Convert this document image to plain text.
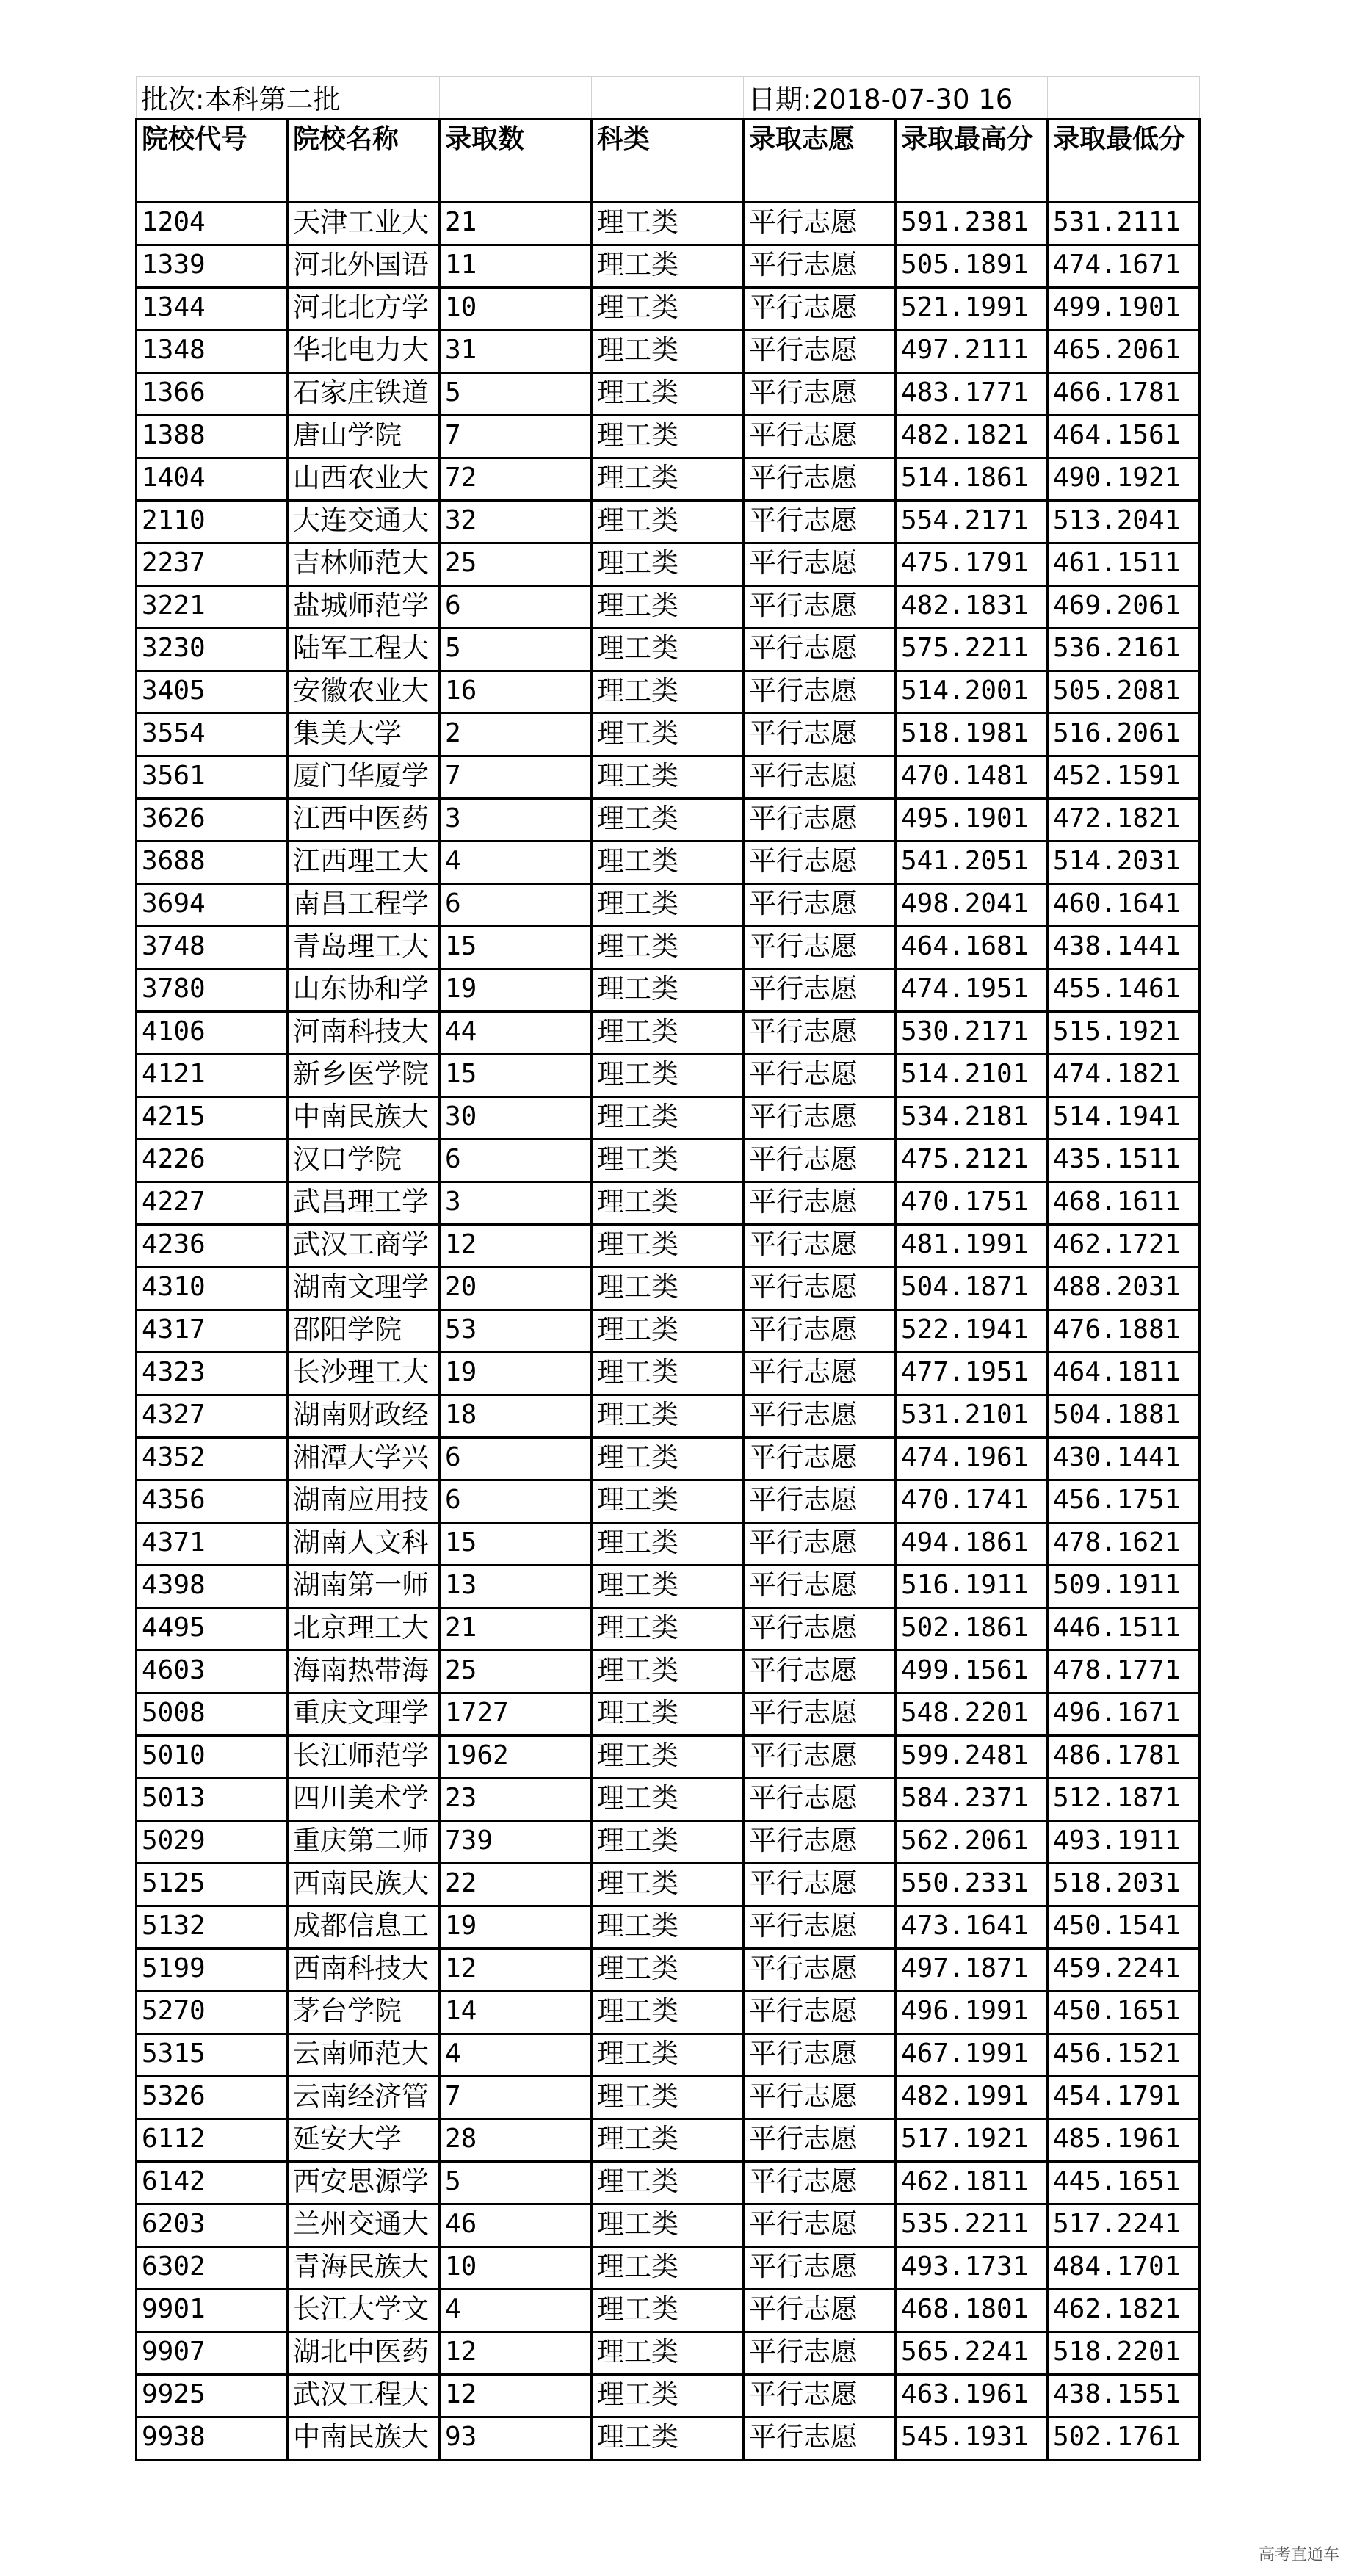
批次:本科第二批				日期:2018-07-30 16		
院校代号	院校名称	录取数	科类	录取志愿	录取最高分	录取最低分
1204	天津工业大	21	理工类	平行志愿	591.2381	531.2111
1339	河北外国语	11	理工类	平行志愿	505.1891	474.1671
1344	河北北方学	10	理工类	平行志愿	521.1991	499.1901
1348	华北电力大	31	理工类	平行志愿	497.2111	465.2061
1366	石家庄铁道	5	理工类	平行志愿	483.1771	466.1781
1388	唐山学院	7	理工类	平行志愿	482.1821	464.1561
1404	山西农业大	72	理工类	平行志愿	514.1861	490.1921
2110	大连交通大	32	理工类	平行志愿	554.2171	513.2041
2237	吉林师范大	25	理工类	平行志愿	475.1791	461.1511
3221	盐城师范学	6	理工类	平行志愿	482.1831	469.2061
3230	陆军工程大	5	理工类	平行志愿	575.2211	536.2161
3405	安徽农业大	16	理工类	平行志愿	514.2001	505.2081
3554	集美大学	2	理工类	平行志愿	518.1981	516.2061
3561	厦门华厦学	7	理工类	平行志愿	470.1481	452.1591
3626	江西中医药	3	理工类	平行志愿	495.1901	472.1821
3688	江西理工大	4	理工类	平行志愿	541.2051	514.2031
3694	南昌工程学	6	理工类	平行志愿	498.2041	460.1641
3748	青岛理工大	15	理工类	平行志愿	464.1681	438.1441
3780	山东协和学	19	理工类	平行志愿	474.1951	455.1461
4106	河南科技大	44	理工类	平行志愿	530.2171	515.1921
4121	新乡医学院	15	理工类	平行志愿	514.2101	474.1821
4215	中南民族大	30	理工类	平行志愿	534.2181	514.1941
4226	汉口学院	6	理工类	平行志愿	475.2121	435.1511
4227	武昌理工学	3	理工类	平行志愿	470.1751	468.1611
4236	武汉工商学	12	理工类	平行志愿	481.1991	462.1721
4310	湖南文理学	20	理工类	平行志愿	504.1871	488.2031
4317	邵阳学院	53	理工类	平行志愿	522.1941	476.1881
4323	长沙理工大	19	理工类	平行志愿	477.1951	464.1811
4327	湖南财政经	18	理工类	平行志愿	531.2101	504.1881
4352	湘潭大学兴	6	理工类	平行志愿	474.1961	430.1441
4356	湖南应用技	6	理工类	平行志愿	470.1741	456.1751
4371	湖南人文科	15	理工类	平行志愿	494.1861	478.1621
4398	湖南第一师	13	理工类	平行志愿	516.1911	509.1911
4495	北京理工大	21	理工类	平行志愿	502.1861	446.1511
4603	海南热带海	25	理工类	平行志愿	499.1561	478.1771
5008	重庆文理学	1727	理工类	平行志愿	548.2201	496.1671
5010	长江师范学	1962	理工类	平行志愿	599.2481	486.1781
5013	四川美术学	23	理工类	平行志愿	584.2371	512.1871
5029	重庆第二师	739	理工类	平行志愿	562.2061	493.1911
5125	西南民族大	22	理工类	平行志愿	550.2331	518.2031
5132	成都信息工	19	理工类	平行志愿	473.1641	450.1541
5199	西南科技大	12	理工类	平行志愿	497.1871	459.2241
5270	茅台学院	14	理工类	平行志愿	496.1991	450.1651
5315	云南师范大	4	理工类	平行志愿	467.1991	456.1521
5326	云南经济管	7	理工类	平行志愿	482.1991	454.1791
6112	延安大学	28	理工类	平行志愿	517.1921	485.1961
6142	西安思源学	5	理工类	平行志愿	462.1811	445.1651
6203	兰州交通大	46	理工类	平行志愿	535.2211	517.2241
6302	青海民族大	10	理工类	平行志愿	493.1731	484.1701
9901	长江大学文	4	理工类	平行志愿	468.1801	462.1821
9907	湖北中医药	12	理工类	平行志愿	565.2241	518.2201
9925	武汉工程大	12	理工类	平行志愿	463.1961	438.1551
9938	中南民族大	93	理工类	平行志愿	545.1931	502.1761
高考直通车
